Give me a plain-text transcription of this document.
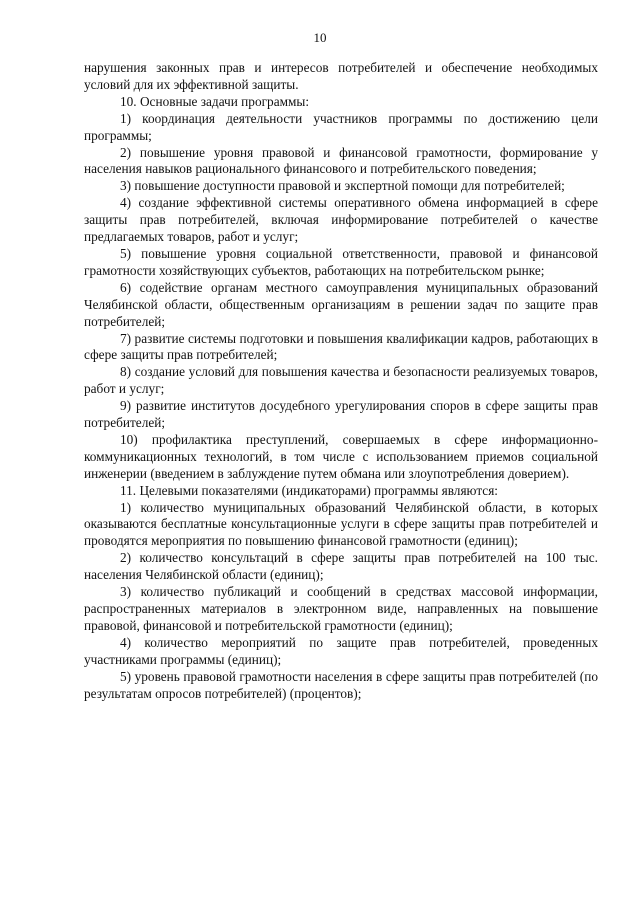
10

нарушения законных прав и интересов потребителей и обеспечение необходимых условий для их эффективной защиты.

10. Основные задачи программы:

1) координация деятельности участников программы по достижению цели программы;

2) повышение уровня правовой и финансовой грамотности, формирование у населения навыков рационального финансового и потребительского поведения;

3) повышение доступности правовой и экспертной помощи для потребителей;

4) создание эффективной системы оперативного обмена информацией в сфере защиты прав потребителей, включая информирование потребителей о качестве предлагаемых товаров, работ и услуг;

5) повышение уровня социальной ответственности, правовой и финансовой грамотности хозяйствующих субъектов, работающих на потребительском рынке;

6) содействие органам местного самоуправления муниципальных образований Челябинской области, общественным организациям в решении задач по защите прав потребителей;

7) развитие системы подготовки и повышения квалификации кадров, работающих в сфере защиты прав потребителей;

8) создание условий для повышения качества и безопасности реализуемых товаров, работ и услуг;

9) развитие институтов досудебного урегулирования споров в сфере защиты прав потребителей;

10) профилактика преступлений, совершаемых в сфере информационно-коммуникационных технологий, в том числе с использованием приемов социальной инженерии (введением в заблуждение путем обмана или злоупотребления доверием).

11. Целевыми показателями (индикаторами) программы являются:

1) количество муниципальных образований Челябинской области, в которых оказываются бесплатные консультационные услуги в сфере защиты прав потребителей и проводятся мероприятия по повышению финансовой грамотности (единиц);

2) количество консультаций в сфере защиты прав потребителей на 100 тыс. населения Челябинской области (единиц);

3) количество публикаций и сообщений в средствах массовой информации, распространенных материалов в электронном виде, направленных на повышение правовой, финансовой и потребительской грамотности (единиц);

4) количество мероприятий по защите прав потребителей, проведенных участниками программы (единиц);

5) уровень правовой грамотности населения в сфере защиты прав потребителей (по результатам опросов потребителей) (процентов);
